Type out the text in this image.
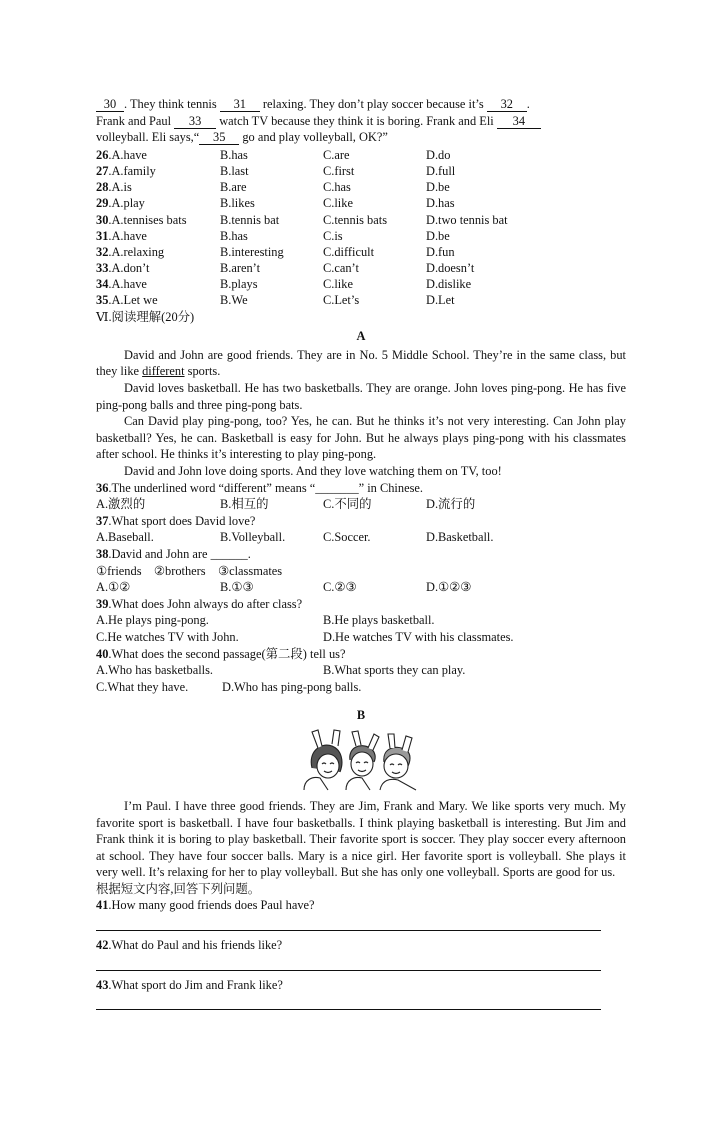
30 . They think tennis 31 relaxing. They don’t play soccer because it’s 32 .
Frank and Paul 33 watch TV because they think it is boring. Frank and Eli 34
volleyball. Eli says,“ 35 go and play volleyball, OK?”
26.A.have	B.has	C.are	D.do
27.A.family	B.last	C.first	D.full
28.A.is	B.are	C.has	D.be
29.A.play	B.likes	C.like	D.has
30.A.tennises bats	B.tennis bat	C.tennis bats	D.two tennis bat
31.A.have	B.has	C.is	D.be
32.A.relaxing	B.interesting	C.difficult	D.fun
33.A.don’t	B.aren’t	C.can’t	D.doesn’t
34.A.have	B.plays	C.like	D.dislike
35.A.Let we	B.We	C.Let’s	D.Let
Ⅵ.阅读理解(20分)
A
David and John are good friends. They are in No. 5 Middle School. They’re in the same class, but they like different sports.
David loves basketball. He has two basketballs. They are orange. John loves ping-pong. He has five ping-pong balls and three ping-pong bats.
Can David play ping-pong, too? Yes, he can. But he thinks it’s not very interesting. Can John play basketball? Yes, he can. Basketball is easy for John. But he always plays ping-pong with his classmates after school. He thinks it’s interesting to play ping-pong.
David and John love doing sports. And they love watching them on TV, too!
36.The underlined word “different” means “_______” in Chinese.
A.激烈的	B.相互的	C.不同的	D.流行的
37.What sport does David love?
A.Baseball.	B.Volleyball.	C.Soccer.	D.Basketball.
38.David and John are ______.
①friends　②brothers　③classmates
A.①②	B.①③	C.②③	D.①②③
39.What does John always do after class?
A.He plays ping-pong.	B.He plays basketball.
C.He watches TV with John.	D.He watches TV with his classmates.
40.What does the second passage(第二段) tell us?
A.Who has basketballs.	B.What sports they can play.
C.What they have.	D.Who has ping-pong balls.
B
I’m Paul. I have three good friends. They are Jim, Frank and Mary. We like sports very much. My favorite sport is basketball. I have four basketballs. I think playing basketball is interesting. But Jim and Frank think it is boring to play basketball. Their favorite sport is soccer. They play soccer every afternoon at school. They have four soccer balls. Mary is a nice girl. Her favorite sport is volleyball. She plays it very well. It’s relaxing for her to play volleyball. But she has only one volleyball. Sports are good for us.
根据短文内容,回答下列问题。
41.How many good friends does Paul have?
42.What do Paul and his friends like?
43.What sport do Jim and Frank like?
